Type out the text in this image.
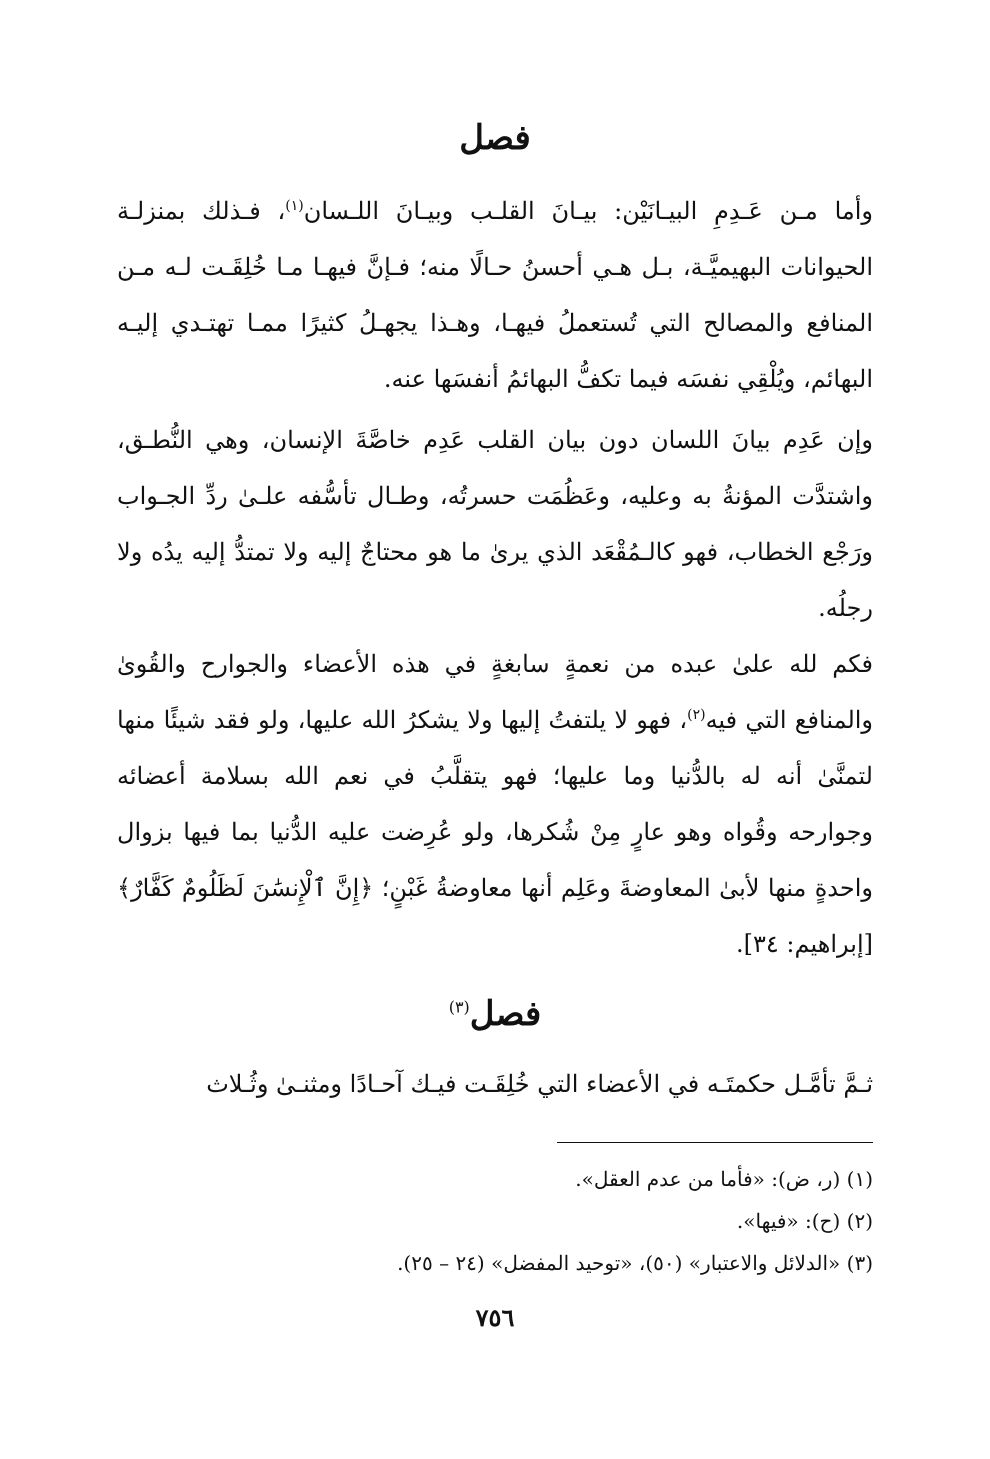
فصل
وأما مـن عَـدِمِ البيـانَيْن: بيـانَ القلـب وبيـانَ اللـسان$^{(١)}$، فـذلك بمنزلـة الحيوانات البهيميَّـة، بـل هـي أحسنُ حـالًا منه؛ فـإنَّ فيهـا مـا خُلِقَـت لـه مـن المنافع والمصالح التي تُستعملُ فيهـا، وهـذا يجهـلُ كثيرًا ممـا تهتـدي إليـه البهائم، ويُلْقِي نفسَه فيما تكفُّ البهائمُ أنفسَها عنه.
وإن عَدِم بيانَ اللسان دون بيان القلب عَدِم خاصَّةَ الإنسان، وهي النُّطـق، واشتدَّت المؤنةُ به وعليه، وعَظُمَت حسرتُه، وطـال تأسُّفه علـىٰ ردِّ الجـواب ورَجْع الخطاب، فهو كالـمُقْعَد الذي يرىٰ ما هو محتاجٌ إليه ولا تمتدُّ إليه يدُه ولا رجلُه.
فكم لله علىٰ عبده من نعمةٍ سابغةٍ في هذه الأعضاء والجوارح والقُوىٰ والمنافع التي فيه$^{(٢)}$، فهو لا يلتفتُ إليها ولا يشكرُ الله عليها، ولو فقد شيئًا منها لتمنَّىٰ أنه له بالدُّنيا وما عليها؛ فهو يتقلَّبُ في نعم الله بسلامة أعضائه وجوارحه وقُواه وهو عارٍ مِنْ شُكرها، ولو عُرِضت عليه الدُّنيا بما فيها بزوال واحدةٍ منها لأبىٰ المعاوضةَ وعَلِم أنها معاوضةُ غَبْنٍ؛ ﴿إِنَّ ٱلْإِنسَٰنَ لَظَلُومٌ كَفَّارٌ﴾ [إبراهيم: ٣٤].
فصل$^{(٣)}$
ثـمَّ تأمَّـل حكمتَـه في الأعضاء التي خُلِقَـت فيـك آحـادًا ومثنـىٰ وثُـلاث
(١) (ر، ض): «فأما من عدم العقل».
(٢) (ح): «فيها».
(٣) «الدلائل والاعتبار» (٥٠)، «توحيد المفضل» (٢٤ – ٢٥).
٧٥٦
